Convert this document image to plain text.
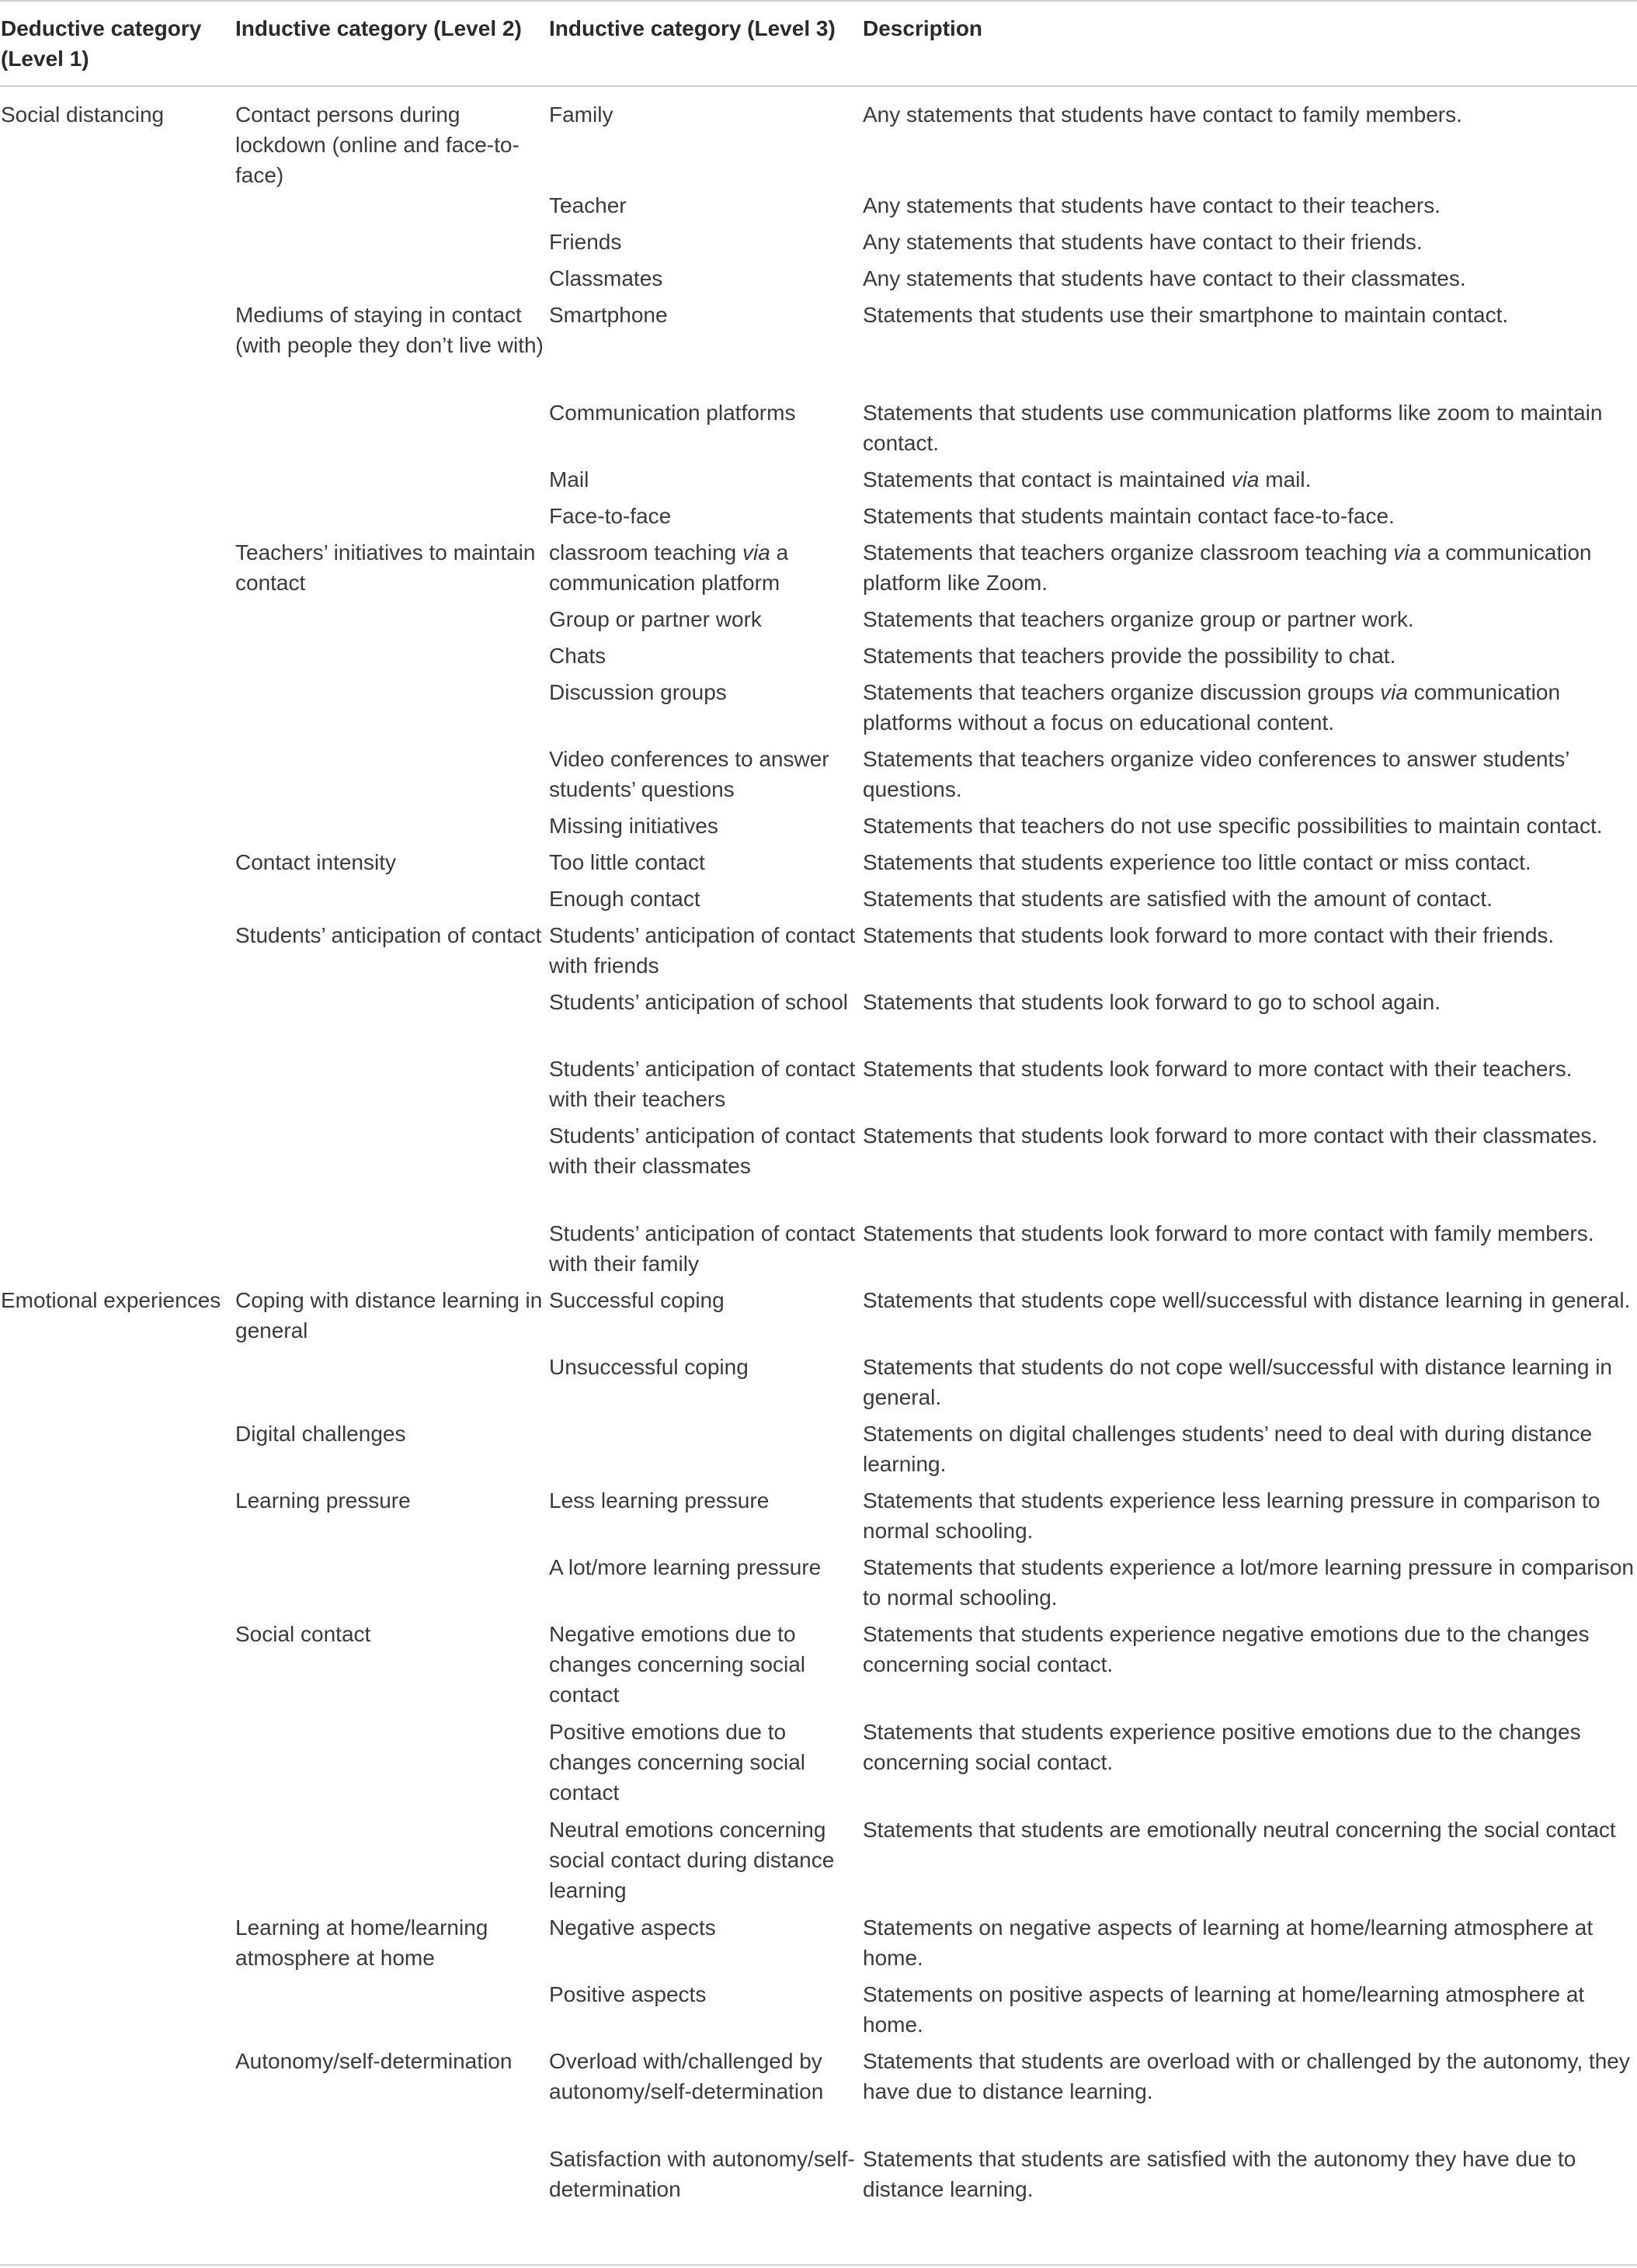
Deductive category (Level 1)	Inductive category (Level 2)	Inductive category (Level 3)	Description
Social distancing	Contact persons during lockdown (online and face-to-face)	Family	Any statements that students have contact to family members.
		Teacher	Any statements that students have contact to their teachers.
		Friends	Any statements that students have contact to their friends.
		Classmates	Any statements that students have contact to their classmates.
	Mediums of staying in contact (with people they don’t live with)	Smartphone	Statements that students use their smartphone to maintain contact.
		Communication platforms	Statements that students use communication platforms like zoom to maintain contact.
		Mail	Statements that contact is maintained via mail.
		Face-to-face	Statements that students maintain contact face-to-face.
	Teachers’ initiatives to maintain contact	classroom teaching via a communication platform	Statements that teachers organize classroom teaching via a communication platform like Zoom.
		Group or partner work	Statements that teachers organize group or partner work.
		Chats	Statements that teachers provide the possibility to chat.
		Discussion groups	Statements that teachers organize discussion groups via communication platforms without a focus on educational content.
		Video conferences to answer students’ questions	Statements that teachers organize video conferences to answer students’ questions.
		Missing initiatives	Statements that teachers do not use specific possibilities to maintain contact.
	Contact intensity	Too little contact	Statements that students experience too little contact or miss contact.
		Enough contact	Statements that students are satisfied with the amount of contact.
	Students’ anticipation of contact	Students’ anticipation of contact with friends	Statements that students look forward to more contact with their friends.
		Students’ anticipation of school	Statements that students look forward to go to school again.
		Students’ anticipation of contact with their teachers	Statements that students look forward to more contact with their teachers.
		Students’ anticipation of contact with their classmates	Statements that students look forward to more contact with their classmates.
		Students’ anticipation of contact with their family	Statements that students look forward to more contact with family members.
Emotional experiences	Coping with distance learning in general	Successful coping	Statements that students cope well/successful with distance learning in general.
		Unsuccessful coping	Statements that students do not cope well/successful with distance learning in general.
	Digital challenges		Statements on digital challenges students’ need to deal with during distance learning.
	Learning pressure	Less learning pressure	Statements that students experience less learning pressure in comparison to normal schooling.
		A lot/more learning pressure	Statements that students experience a lot/more learning pressure in comparison to normal schooling.
	Social contact	Negative emotions due to changes concerning social contact	Statements that students experience negative emotions due to the changes concerning social contact.
		Positive emotions due to changes concerning social contact	Statements that students experience positive emotions due to the changes concerning social contact.
		Neutral emotions concerning social contact during distance learning	Statements that students are emotionally neutral concerning the social contact
	Learning at home/learning atmosphere at home	Negative aspects	Statements on negative aspects of learning at home/learning atmosphere at home.
		Positive aspects	Statements on positive aspects of learning at home/learning atmosphere at home.
	Autonomy/self-determination	Overload with/challenged by autonomy/self-determination	Statements that students are overload with or challenged by the autonomy, they have due to distance learning.
		Satisfaction with autonomy/self-determination	Statements that students are satisfied with the autonomy they have due to distance learning.
